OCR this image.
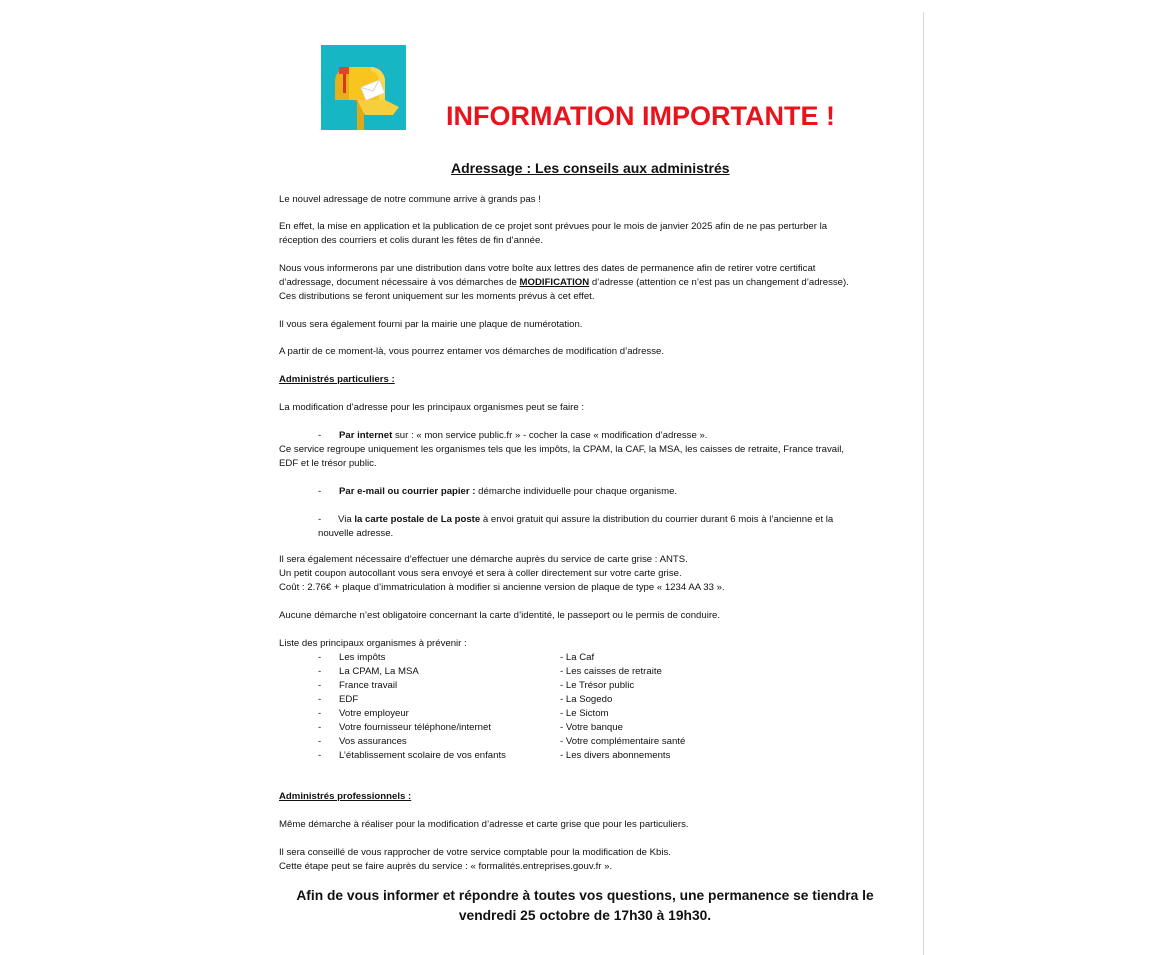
INFORMATION IMPORTANTE !
Adressage : Les conseils aux administrés
Le nouvel adressage de notre commune arrive à grands pas !
En effet, la mise en application et la publication de ce projet sont prévues pour le mois de janvier 2025 afin de ne pas perturber la
réception des courriers et colis durant les fêtes de fin d’année.
Nous vous informerons par une distribution dans votre boîte aux lettres des dates de permanence afin de retirer votre certificat
d’adressage, document nécessaire à vos démarches de MODIFICATION d’adresse (attention ce n’est pas un changement d’adresse).
Ces distributions se feront uniquement sur les moments prévus à cet effet.
Il vous sera également fourni par la mairie une plaque de numérotation.
A partir de ce moment-là, vous pourrez entamer vos démarches de modification d’adresse.
Administrés particuliers :
La modification d’adresse pour les principaux organismes peut se faire :
- Par internet sur : « mon service public.fr » - cocher la case « modification d’adresse ».
Ce service regroupe uniquement les organismes tels que les impôts, la CPAM, la CAF, la MSA, les caisses de retraite, France travail,
EDF et le trésor public.
- Par e-mail ou courrier papier : démarche individuelle pour chaque organisme.
- Via la carte postale de La poste à envoi gratuit qui assure la distribution du courrier durant 6 mois à l’ancienne et la
nouvelle adresse.
Il sera également nécessaire d’effectuer une démarche auprès du service de carte grise : ANTS.
Un petit coupon autocollant vous sera envoyé et sera à coller directement sur votre carte grise.
Coût : 2.76€ + plaque d’immatriculation à modifier si ancienne version de plaque de type « 1234 AA 33 ».
Aucune démarche n’est obligatoire concernant la carte d’identité, le passeport ou le permis de conduire.
Liste des principaux organismes à prévenir :
- Les impôts	- La Caf
- La CPAM, La MSA	- Les caisses de retraite
- France travail	- Le Trésor public
- EDF	- La Sogedo
- Votre employeur	- Le Sictom
- Votre fournisseur téléphone/internet	- Votre banque
- Vos assurances	- Votre complémentaire santé
- L’établissement scolaire de vos enfants	- Les divers abonnements
Administrés professionnels :
Même démarche à réaliser pour la modification d’adresse et carte grise que pour les particuliers.
Il sera conseillé de vous rapprocher de votre service comptable pour la modification de Kbis.
Cette étape peut se faire auprès du service : « formalités.entreprises.gouv.fr ».
Afin de vous informer et répondre à toutes vos questions, une permanence se tiendra le
vendredi 25 octobre de 17h30 à 19h30.
